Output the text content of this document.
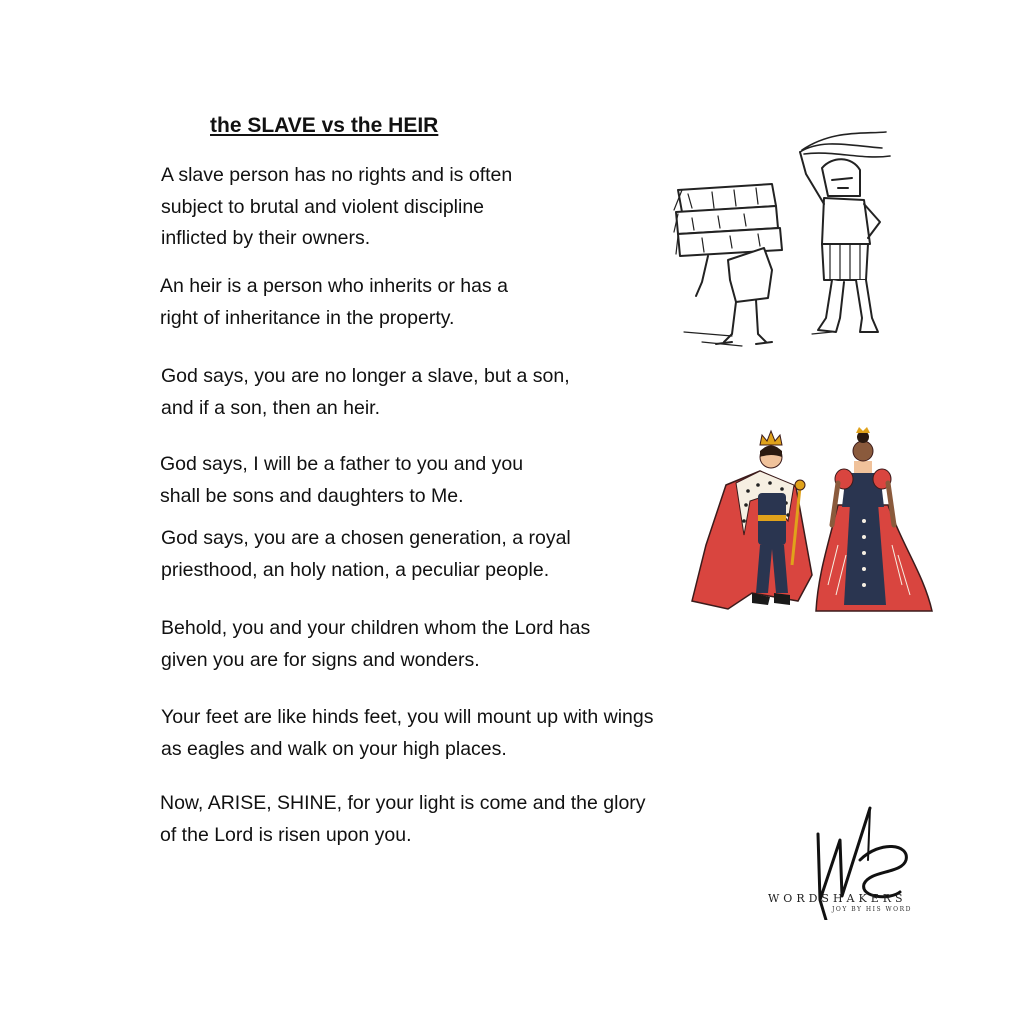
the SLAVE vs the HEIR

A slave person has no rights and is often
subject to brutal and violent discipline
inflicted by their owners.

An heir is a person who inherits or has a
right of inheritance in the property.

God says, you are no longer a slave, but a son,
and if a son, then an heir.

God says, I will be a father to you and you
shall be sons and daughters to Me.

God says, you are a chosen generation, a royal
priesthood, an holy nation, a peculiar people.

Behold, you and your children whom the Lord has
given you are for signs and wonders.

Your feet are like hinds feet, you will mount up with wings
as eagles and walk on your high places.

Now, ARISE, SHINE, for your light is come and the glory
of the Lord is risen upon you.

WORDSHAKERS
JOY BY HIS WORD
